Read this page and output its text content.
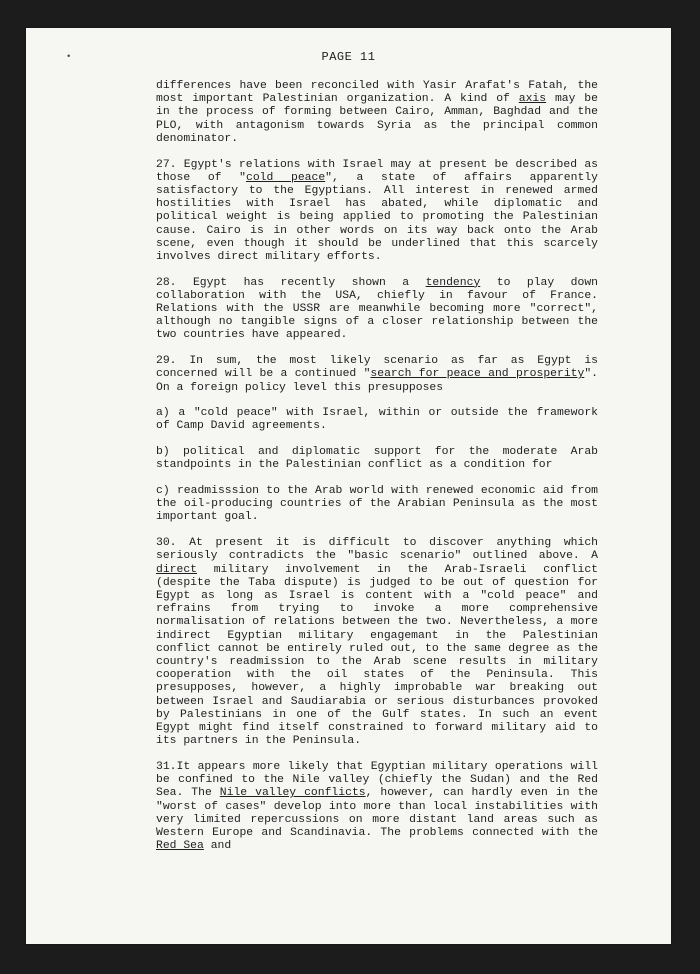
•	PAGE 11

differences have been reconciled with Yasir Arafat's Fatah, the most important Palestinian organization. A kind of axis may be in the process of forming between Cairo, Amman, Baghdad and the PLO, with antagonism towards Syria as the principal common denominator.

27. Egypt's relations with Israel may at present be described as those of "cold peace", a state of affairs apparently satisfactory to the Egyptians. All interest in renewed armed hostilities with Israel has abated, while diplomatic and political weight is being applied to promoting the Palestinian cause. Cairo is in other words on its way back onto the Arab scene, even though it should be underlined that this scarcely involves direct military efforts.

28. Egypt has recently shown a tendency to play down collaboration with the USA, chiefly in favour of France. Relations with the USSR are meanwhile becoming more "correct", although no tangible signs of a closer relationship between the two countries have appeared.

29. In sum, the most likely scenario as far as Egypt is concerned will be a continued "search for peace and prosperity". On a foreign policy level this presupposes

a) a "cold peace" with Israel, within or outside the framework of Camp David agreements.

b) political and diplomatic support for the moderate Arab standpoints in the Palestinian conflict as a condition for

c) readmisssion to the Arab world with renewed economic aid from the oil-producing countries of the Arabian Peninsula as the most important goal.

30. At present it is difficult to discover anything which seriously contradicts the "basic scenario" outlined above. A direct military involvement in the Arab-Israeli conflict (despite the Taba dispute) is judged to be out of question for Egypt as long as Israel is content with a "cold peace" and refrains from trying to invoke a more comprehensive normalisation of relations between the two. Nevertheless, a more indirect Egyptian military engagemant in the Palestinian conflict cannot be entirely ruled out, to the same degree as the country's readmission to the Arab scene results in military cooperation with the oil states of the Peninsula. This presupposes, however, a highly improbable war breaking out between Israel and Saudiarabia or serious disturbances provoked by Palestinians in one of the Gulf states. In such an event Egypt might find itself constrained to forward military aid to its partners in the Peninsula.

31.It appears more likely that Egyptian military operations will be confined to the Nile valley (chiefly the Sudan) and the Red Sea. The Nile valley conflicts, however, can hardly even in the "worst of cases" develop into more than local instabilities with very limited repercussions on more distant land areas such as Western Europe and Scandinavia. The problems connected with the Red Sea and
